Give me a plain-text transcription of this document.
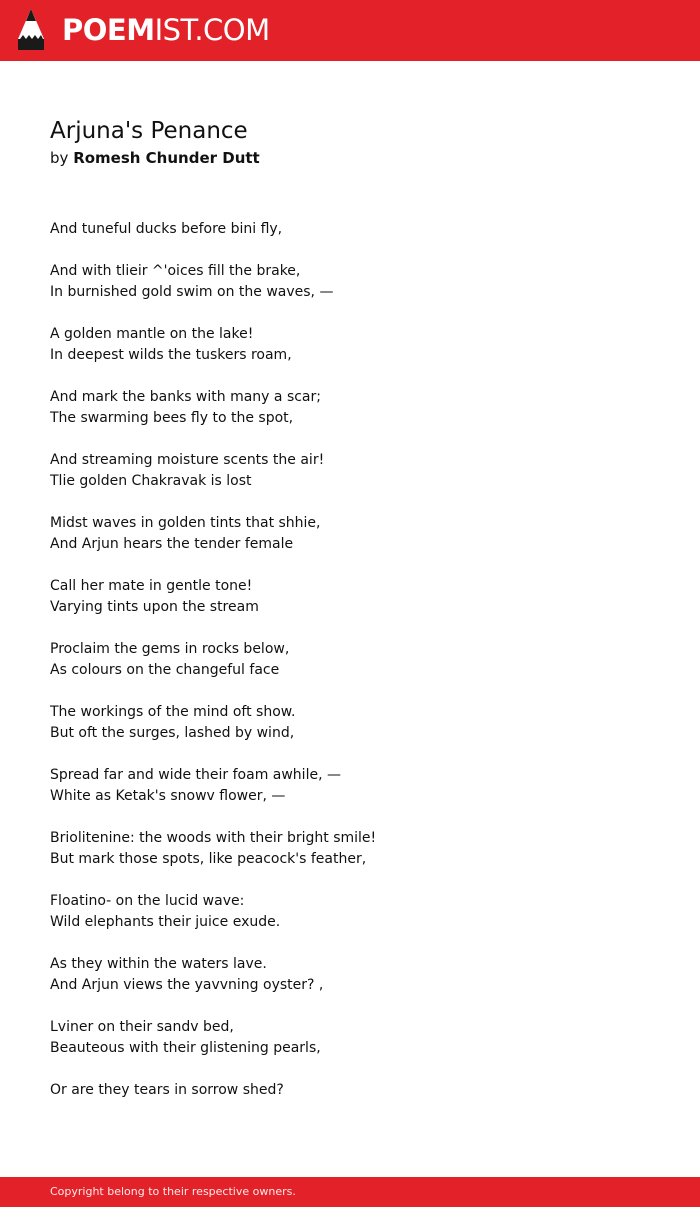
POEMIST.COM
Arjuna's Penance

by Romesh Chunder Dutt

And tuneful ducks before bini fly,
And with tlieir ^'oices fill the brake,
In burnished gold swim on the waves, —
A golden mantle on the lake!
In deepest wilds the tuskers roam,
And mark the banks with many a scar;
The swarming bees fly to the spot,
And streaming moisture scents the air!
Tlie golden Chakravak is lost
Midst waves in golden tints that shhie,
And Arjun hears the tender female
Call her mate in gentle tone!
Varying tints upon the stream
Proclaim the gems in rocks below,
As colours on the changeful face
The workings of the mind oft show.
But oft the surges, lashed by wind,
Spread far and wide their foam awhile, —
White as Ketak's snowv flower, —
Briolitenine: the woods with their bright smile!
But mark those spots, like peacock's feather,
Floatino- on the lucid wave:
Wild elephants their juice exude.
As they within the waters lave.
And Arjun views the yavvning oyster? ,
Lviner on their sandv bed,
Beauteous with their glistening pearls,
Or are they tears in sorrow shed?
Copyright belong to their respective owners.
